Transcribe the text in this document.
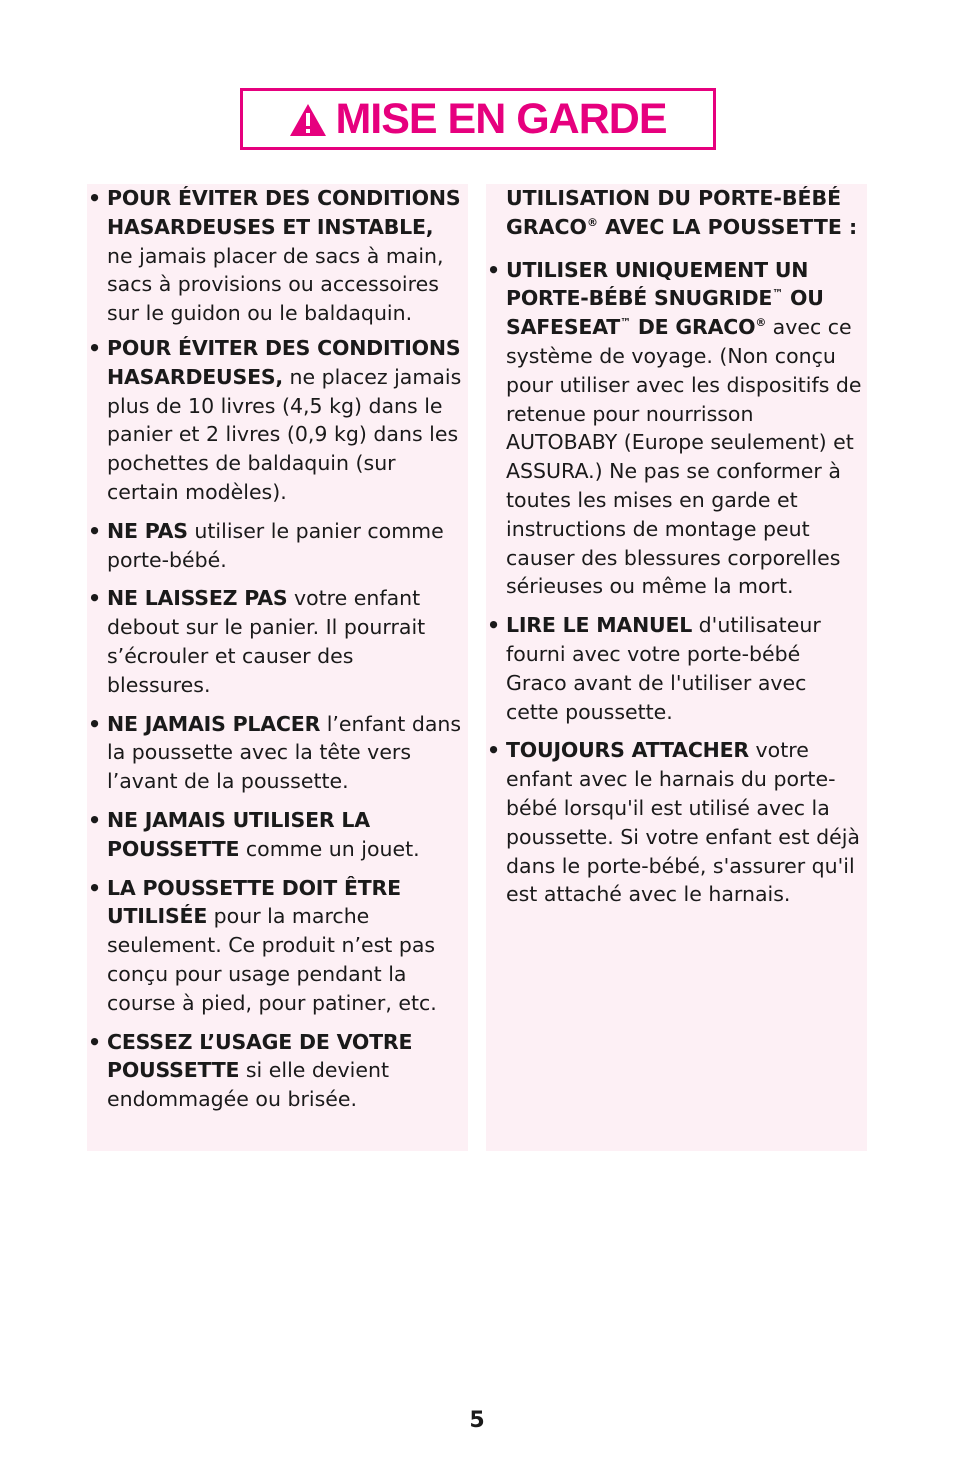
MISE EN GARDE
• POUR ÉVITER DES CONDITIONS HASARDEUSES ET INSTABLE, ne jamais placer de sacs à main, sacs à provisions ou accessoires sur le guidon ou le baldaquin.
• POUR ÉVITER DES CONDITIONS HASARDEUSES, ne placez jamais plus de 10 livres (4,5 kg) dans le panier et 2 livres (0,9 kg) dans les pochettes de baldaquin (sur certain modèles).
• NE PAS utiliser le panier comme porte-bébé.
• NE LAISSEZ PAS votre enfant debout sur le panier. Il pourrait s’écrouler et causer des blessures.
• NE JAMAIS PLACER l’enfant dans la poussette avec la tête vers l’avant de la poussette.
• NE JAMAIS UTILISER LA POUSSETTE comme un jouet.
• LA POUSSETTE DOIT ÊTRE UTILISÉE pour la marche seulement. Ce produit n’est pas conçu pour usage pendant la course à pied, pour patiner, etc.
• CESSEZ L’USAGE DE VOTRE POUSSETTE si elle devient endommagée ou brisée.
UTILISATION DU PORTE-BÉBÉ GRACO® AVEC LA POUSSETTE :
• UTILISER UNIQUEMENT UN PORTE-BÉBÉ SNUGRIDE™ OU SAFESEAT™ DE GRACO® avec ce système de voyage. (Non conçu pour utiliser avec les dispositifs de retenue pour nourrisson AUTOBABY (Europe seulement) et ASSURA.) Ne pas se conformer à toutes les mises en garde et instructions de montage peut causer des blessures corporelles sérieuses ou même la mort.
• LIRE LE MANUEL d'utilisateur fourni avec votre porte-bébé Graco avant de l'utiliser avec cette poussette.
• TOUJOURS ATTACHER votre enfant avec le harnais du porte-bébé lorsqu'il est utilisé avec la poussette. Si votre enfant est déjà dans le porte-bébé, s'assurer qu'il est attaché avec le harnais.
5
